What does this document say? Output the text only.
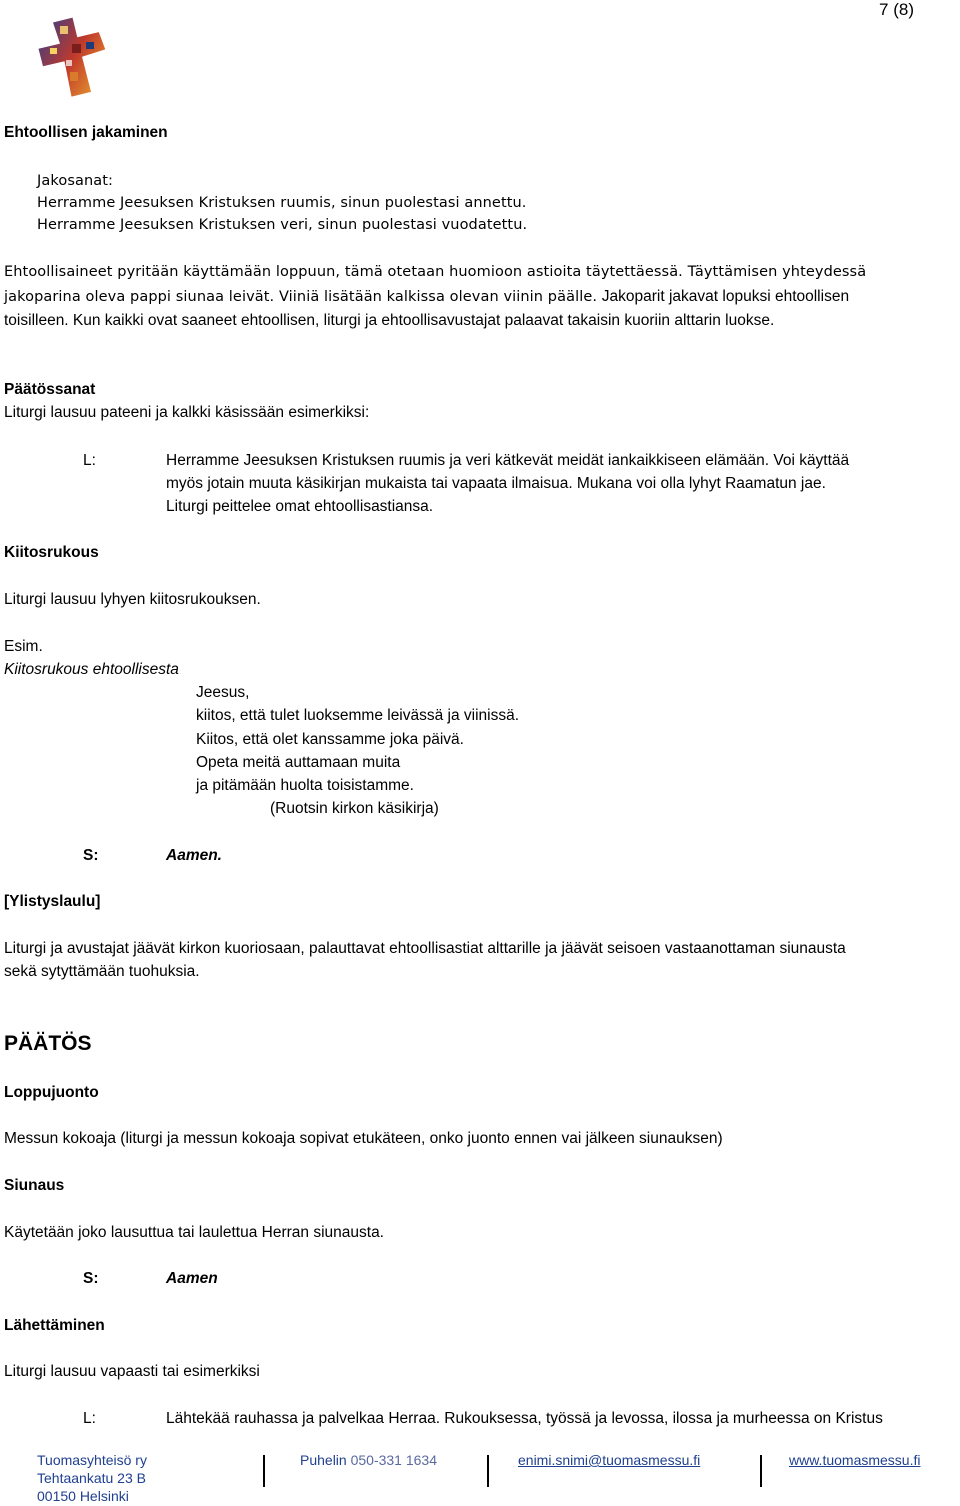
7 (8)
Ehtoollisen jakaminen
Jakosanat:
Herramme Jeesuksen Kristuksen ruumis, sinun puolestasi annettu.
Herramme Jeesuksen Kristuksen veri, sinun puolestasi vuodatettu.
Ehtoollisaineet pyritään käyttämään loppuun, tämä otetaan huomioon astioita täytettäessä. Täyttämisen yhteydessä
jakoparina oleva pappi siunaa leivät. Viiniä lisätään kalkissa olevan viinin päälle. Jakoparit jakavat lopuksi ehtoollisen
toisilleen. Kun kaikki ovat saaneet ehtoollisen, liturgi ja ehtoollisavustajat palaavat takaisin kuoriin alttarin luokse.
Päätössanat
Liturgi lausuu pateeni ja kalkki käsissään esimerkiksi:
L:	Herramme Jeesuksen Kristuksen ruumis ja veri kätkevät meidät iankaikkiseen elämään. Voi käyttää
myös jotain muuta käsikirjan mukaista tai vapaata ilmaisua. Mukana voi olla lyhyt Raamatun jae.
Liturgi peittelee omat ehtoollisastiansa.
Kiitosrukous
Liturgi lausuu lyhyen kiitosrukouksen.
Esim.
Kiitosrukous ehtoollisesta
Jeesus,
kiitos, että tulet luoksemme leivässä ja viinissä.
Kiitos, että olet kanssamme joka päivä.
Opeta meitä auttamaan muita
ja pitämään huolta toisistamme.
(Ruotsin kirkon käsikirja)
S:	Aamen.
[Ylistyslaulu]
Liturgi ja avustajat jäävät kirkon kuoriosaan, palauttavat ehtoollisastiat alttarille ja jäävät seisoen vastaanottaman siunausta
sekä sytyttämään tuohuksia.
PÄÄTÖS
Loppujuonto
Messun kokoaja (liturgi ja messun kokoaja sopivat etukäteen, onko juonto ennen vai jälkeen siunauksen)
Siunaus
Käytetään joko lausuttua tai laulettua Herran siunausta.
S:	Aamen
Lähettäminen
Liturgi lausuu vapaasti tai esimerkiksi
L:	Lähtekää rauhassa ja palvelkaa Herraa. Rukouksessa, työssä ja levossa, ilossa ja murheessa on Kristus
Tuomasyhteisö ry
Tehtaankatu 23 B
00150 Helsinki
Puhelin 050-331 1634	enimi.snimi@tuomasmessu.fi	www.tuomasmessu.fi
